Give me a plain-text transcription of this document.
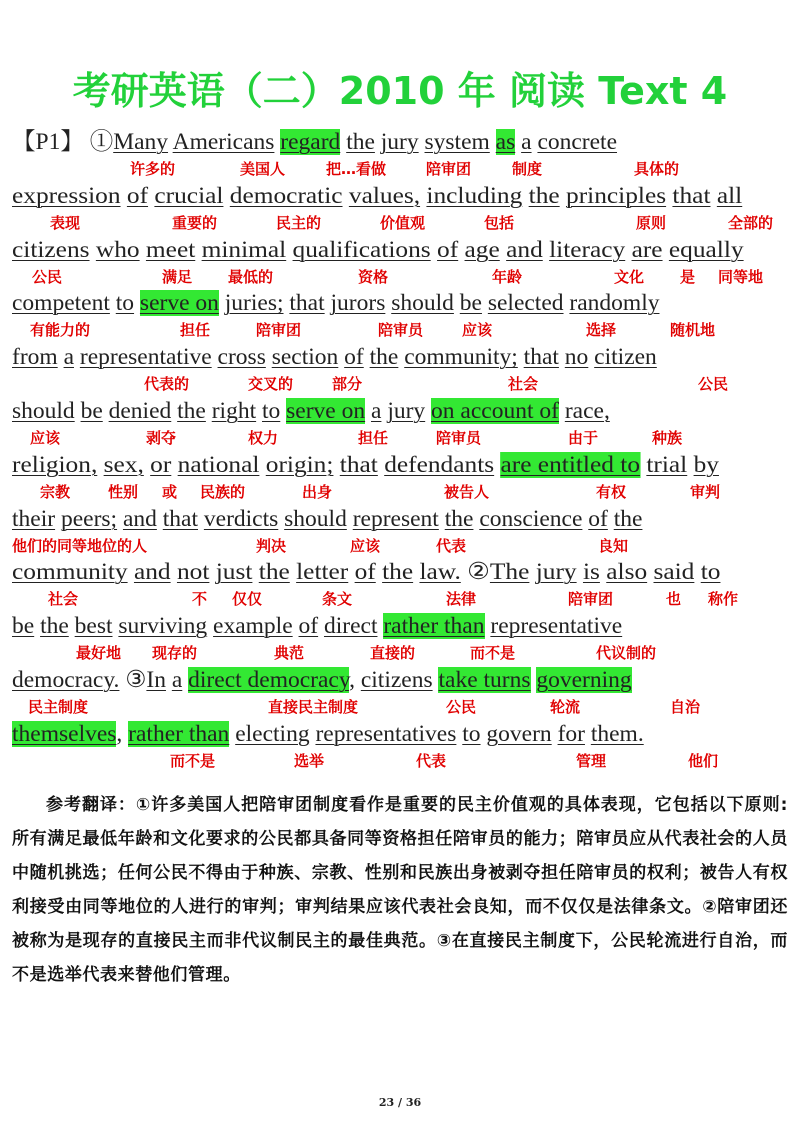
考研英语（二）2010 年 阅读 Text 4
【P1】 ①Many Americans regard the jury system as a concrete
许多的	美国人	把…看做	陪审团	制度	具体的
expression of crucial democratic values, including the principles that all
表现	重要的	民主的	价值观	包括	原则	全部的
citizens who meet minimal qualifications of age and literacy are equally
公民	满足 最低的	资格	年龄	文化 是 同等地
competent to serve on juries; that jurors should be selected randomly
有能力的	担任	陪审团	陪审员	应该	选择	随机地
from a representative cross section of the community; that no citizen
代表的	交叉的	部分	社会	公民
should be denied the right to serve on a jury on account of race,
应该	剥夺	权力	担任	陪审员	由于	种族
religion, sex, or national origin; that defendants are entitled to trial by
宗教	性别 或 民族的	出身	被告人	有权	审判
their peers; and that verdicts should represent the conscience of the
他们的同等地位的人	判决	应该	代表	良知
community and not just the letter of the law. ②The jury is also said to
社会	不 仅仅	条文	法律	陪审团	也 称作
be the best surviving example of direct rather than representative
最好地 现存的	典范	直接的	而不是	代议制的
democracy. ③In a direct democracy, citizens take turns governing
民主制度	直接民主制度	公民	轮流	自治
themselves, rather than electing representatives to govern for them.
而不是	选举	代表	管理	他们

参考翻译：①许多美国人把陪审团制度看作是重要的民主价值观的具体表现，它包括以下原则:所有满足最低年龄和文化要求的公民都具备同等资格担任陪审员的能力；陪审员应从代表社会的人员中随机挑选；任何公民不得由于种族、宗教、性别和民族出身被剥夺担任陪审员的权利；被告人有权利接受由同等地位的人进行的审判；审判结果应该代表社会良知，而不仅仅是法律条文。②陪审团还被称为是现存的直接民主而非代议制民主的最佳典范。③在直接民主制度下，公民轮流进行自治，而不是选举代表来替他们管理。

23 / 36
